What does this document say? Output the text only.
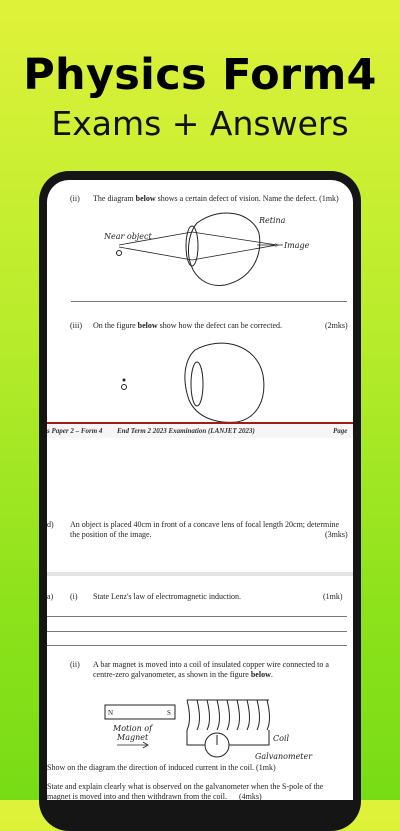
Physics Form4
Exams + Answers
(ii) The diagram below shows a certain defect of vision. Name the defect. (1mk)
Near object
Retina
Image
->
(iii) On the figure below show how the defect can be corrected.	(2mks)
s Paper 2 – Form 4 End Term 2 2023 Examination (LANJET 2023)	Page
d) An object is placed 40cm in front of a concave lens of focal length 20cm; determine
the position of the image.	(3mks)
a) (i) State Lenz's law of electromagnetic induction.	(1mk)
(ii) A bar magnet is moved into a coil of insulated copper wire connected to a
centre-zero galvanometer, as shown in the figure below.
N	S
Motion of
Magnet	Coil
Galvanometer
Show on the diagram the direction of induced current in the coil. (1mk)
State and explain clearly what is observed on the galvanometer when the S-pole of the
magnet is moved into and then withdrawn from the coil. (4mks)
